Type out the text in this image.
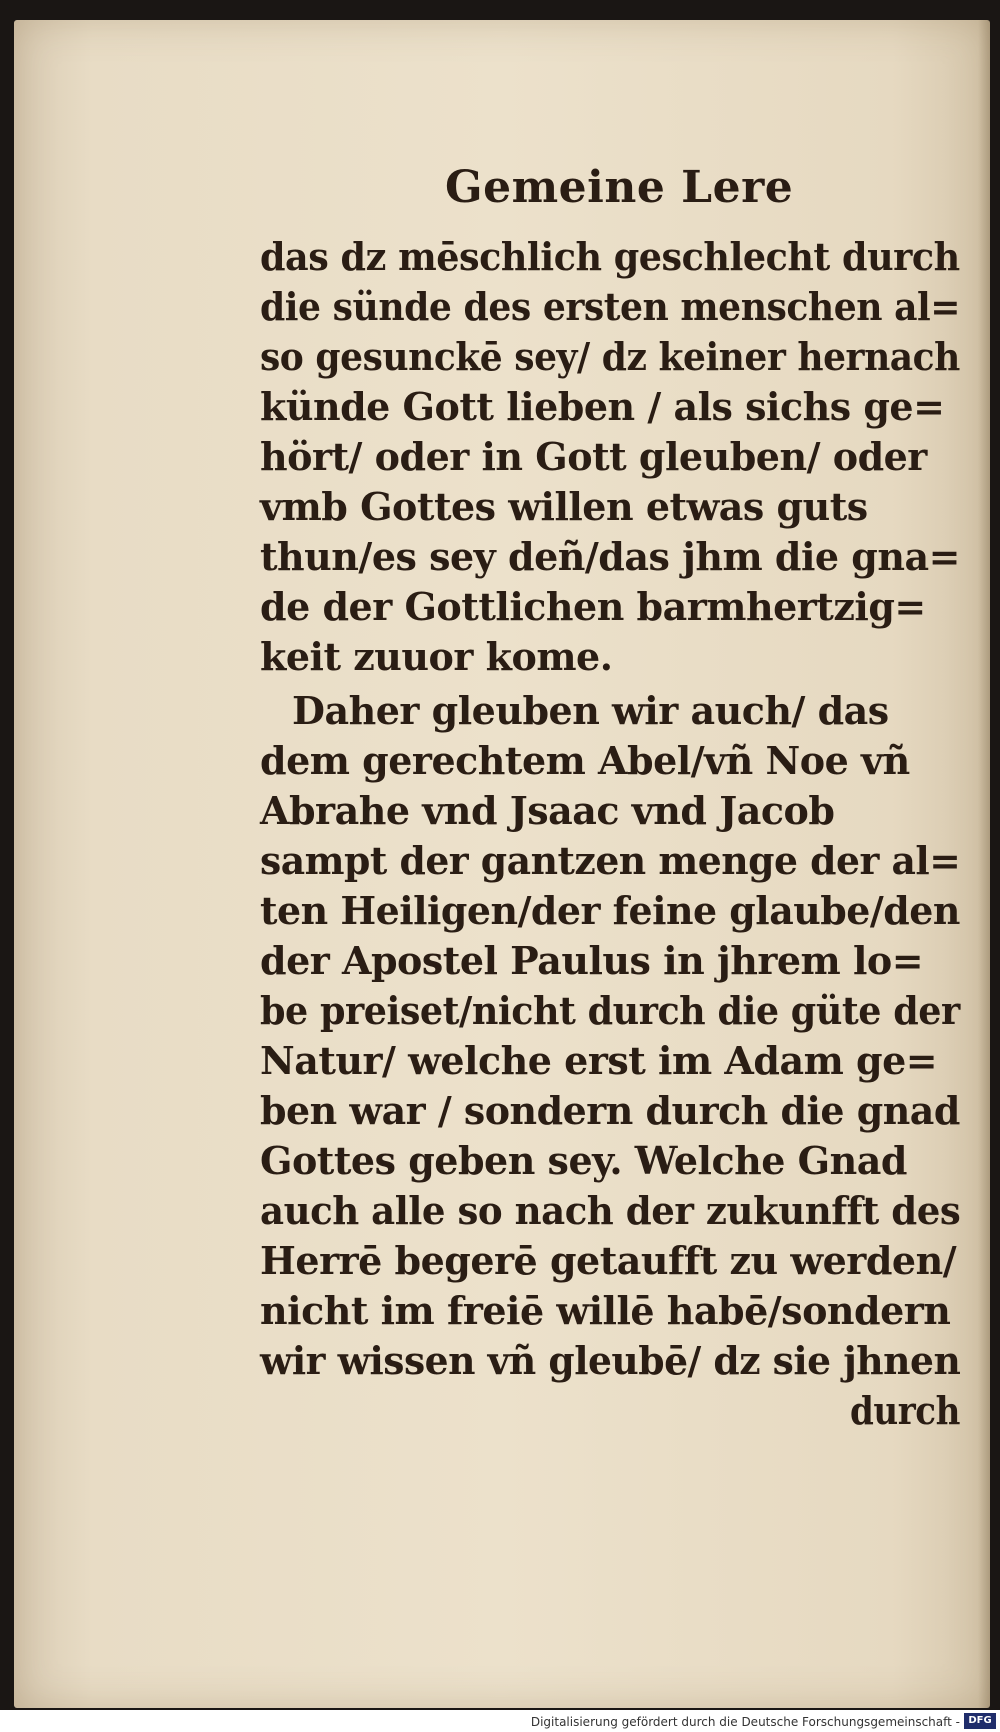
Gemeine Lere
das dz mēschlich geschlecht durch
die sünde des ersten menschen al=
so gesunckē sey/ dz keiner hernach
künde Gott lieben / als sichs ge=
hört/ oder in Gott gleuben/ oder
vmb Gottes willen etwas guts
thun/es sey deñ/das jhm die gna=
de der Gottlichen barmhertzig=
keit zuuor kome.
Daher gleuben wir auch/ das
dem gerechtem Abel/vñ Noe vñ
Abrahe vnd Jsaac vnd Jacob
sampt der gantzen menge der al=
ten Heiligen/der feine glaube/den
der Apostel Paulus in jhrem lo=
be preiset/nicht durch die güte der
Natur/ welche erst im Adam ge=
ben war / sondern durch die gnad
Gottes geben sey. Welche Gnad
auch alle so nach der zukunfft des
Herrē begerē getaufft zu werden/
nicht im freiē willē habē/sondern
wir wissen vñ gleubē/ dz sie jhnen
durch
Digitalisierung gefördert durch die Deutsche Forschungsgemeinschaft - DFG
